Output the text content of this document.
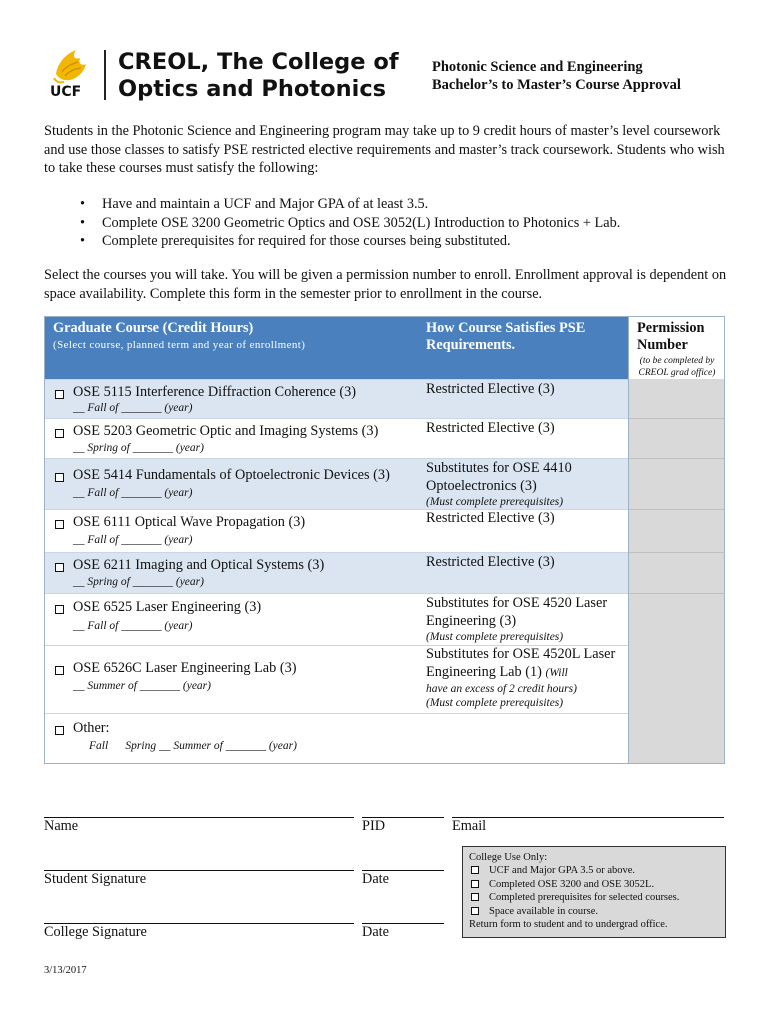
UCF
CREOL, The College of
Optics and Photonics
Photonic Science and Engineering
Bachelor’s to Master’s Course Approval
Students in the Photonic Science and Engineering program may take up to 9 credit hours of master’s level coursework and use those classes to satisfy PSE restricted elective requirements and master’s track coursework. Students who wish to take these courses must satisfy the following:
• Have and maintain a UCF and Major GPA of at least 3.5.
• Complete OSE 3200 Geometric Optics and OSE 3052(L) Introduction to Photonics + Lab.
• Complete prerequisites for required for those courses being substituted.
Select the courses you will take. You will be given a permission number to enroll. Enrollment approval is dependent on space availability. Complete this form in the semester prior to enrollment in the course.
Graduate Course (Credit Hours)
(Select course, planned term and year of enrollment)
How Course Satisfies PSE Requirements.
Permission Number
(to be completed by CREOL grad office)
OSE 5115 Interference Diffraction Coherence (3)
__ Fall of _______ (year)
Restricted Elective (3)
OSE 5203 Geometric Optic and Imaging Systems (3)
__ Spring of _______ (year)
Restricted Elective (3)
OSE 5414 Fundamentals of Optoelectronic Devices (3)
__ Fall of _______ (year)
Substitutes for OSE 4410 Optoelectronics (3)
(Must complete prerequisites)
OSE 6111 Optical Wave Propagation (3)
__ Fall of _______ (year)
Restricted Elective (3)
OSE 6211 Imaging and Optical Systems (3)
__ Spring of _______ (year)
Restricted Elective (3)
OSE 6525 Laser Engineering (3)
__ Fall of _______ (year)
Substitutes for OSE 4520 Laser Engineering (3)
(Must complete prerequisites)
OSE 6526C Laser Engineering Lab (3)
__ Summer of _______ (year)
Substitutes for OSE 4520L Laser Engineering Lab (1) (Will
have an excess of 2 credit hours)
(Must complete prerequisites)
Other:
Fall      Spring __ Summer of _______ (year)
Name	PID	Email
Student Signature	Date
College Signature	Date
College Use Only:
UCF and Major GPA 3.5 or above.
Completed OSE 3200 and OSE 3052L.
Completed prerequisites for selected courses.
Space available in course.
Return form to student and to undergrad office.
3/13/2017
